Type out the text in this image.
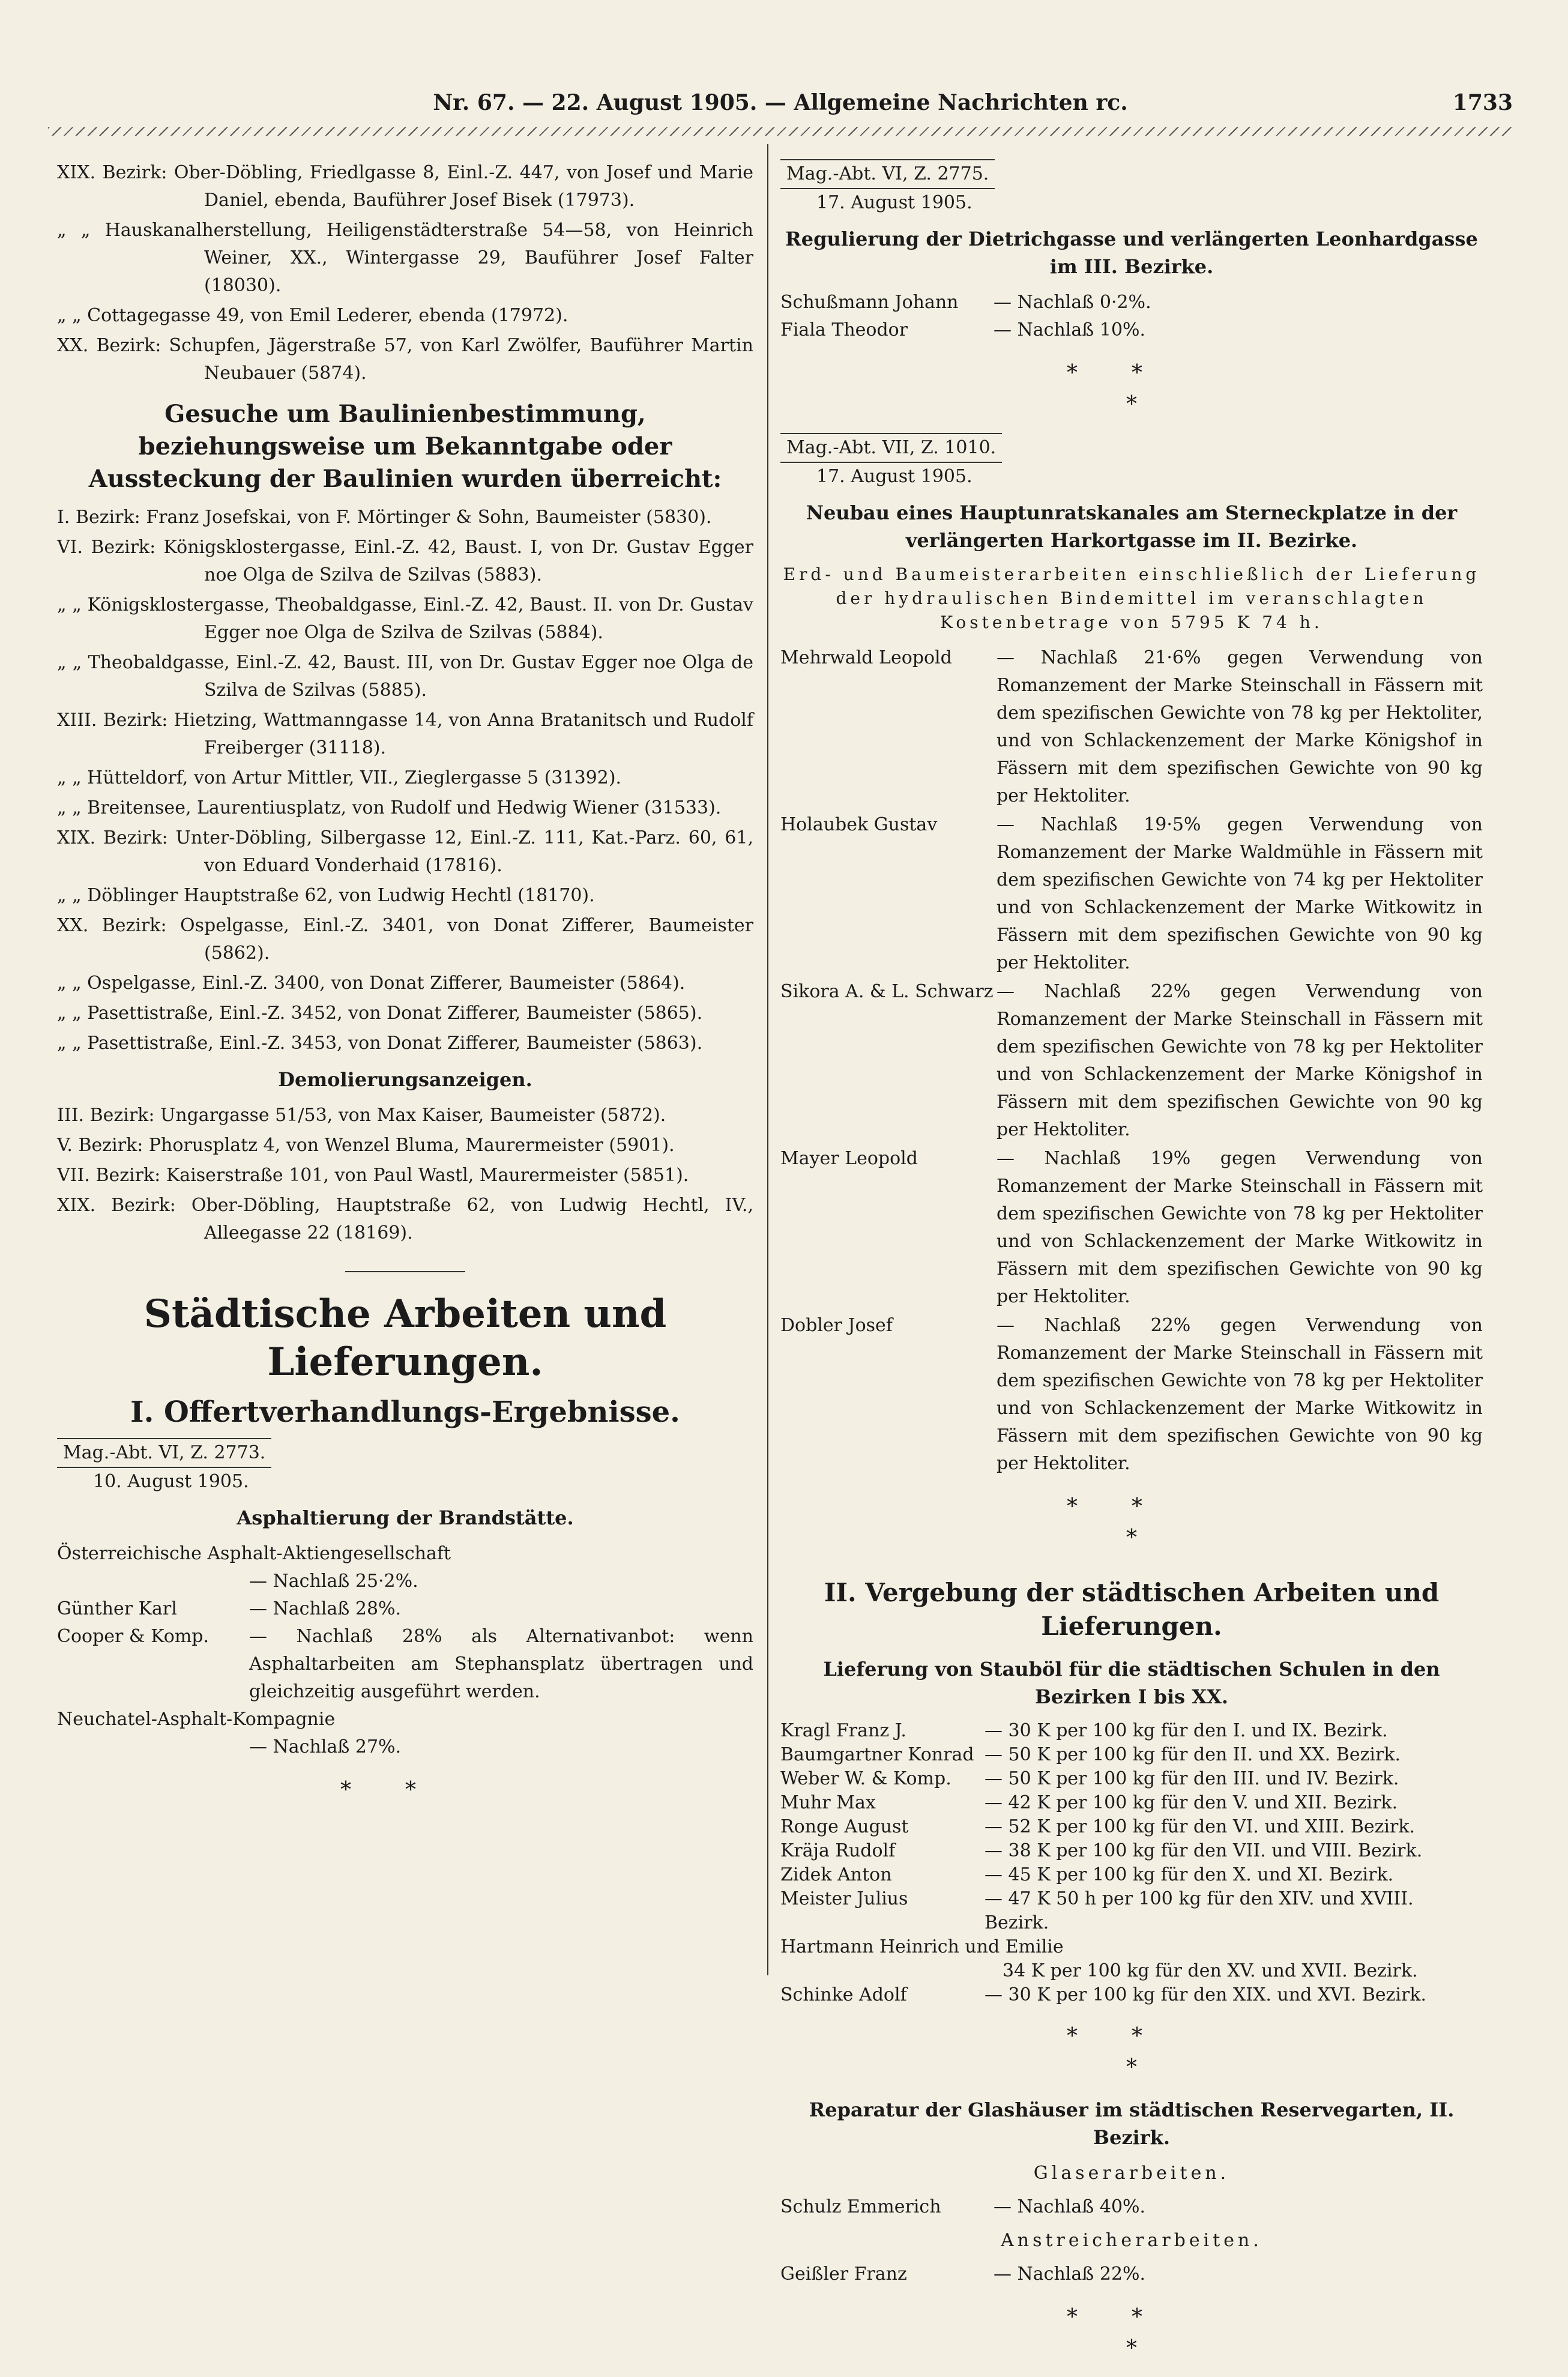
Nr. 67. — 22. August 1905. — Allgemeine Nachrichten rc.	1733

XIX. Bezirk: Ober-Döbling, Friedlgasse 8, Einl.-Z. 447, von Josef und Marie Daniel, ebenda, Bauführer Josef Bisek (17973).

„ „ Hauskanalherstellung, Heiligenstädterstraße 54—58, von Heinrich Weiner, XX., Wintergasse 29, Bauführer Josef Falter (18030).

„ „ Cottagegasse 49, von Emil Lederer, ebenda (17972).

XX. Bezirk: Schupfen, Jägerstraße 57, von Karl Zwölfer, Bauführer Martin Neubauer (5874).

Gesuche um Baulinienbestimmung, beziehungsweise um Bekanntgabe oder Aussteckung der Baulinien wurden überreicht:

I. Bezirk: Franz Josefskai, von F. Mörtinger & Sohn, Baumeister (5830).

VI. Bezirk: Königsklostergasse, Einl.-Z. 42, Baust. I, von Dr. Gustav Egger noe Olga de Szilva de Szilvas (5883).

„ „ Königsklostergasse, Theobaldgasse, Einl.-Z. 42, Baust. II. von Dr. Gustav Egger noe Olga de Szilva de Szilvas (5884).

„ „ Theobaldgasse, Einl.-Z. 42, Baust. III, von Dr. Gustav Egger noe Olga de Szilva de Szilvas (5885).

XIII. Bezirk: Hietzing, Wattmanngasse 14, von Anna Bratanitsch und Rudolf Freiberger (31118).

„ „ Hütteldorf, von Artur Mittler, VII., Zieglergasse 5 (31392).

„ „ Breitensee, Laurentiusplatz, von Rudolf und Hedwig Wiener (31533).

XIX. Bezirk: Unter-Döbling, Silbergasse 12, Einl.-Z. 111, Kat.-Parz. 60, 61, von Eduard Vonderhaid (17816).

„ „ Döblinger Hauptstraße 62, von Ludwig Hechtl (18170).

XX. Bezirk: Ospelgasse, Einl.-Z. 3401, von Donat Zifferer, Baumeister (5862).

„ „ Ospelgasse, Einl.-Z. 3400, von Donat Zifferer, Baumeister (5864).

„ „ Pasettistraße, Einl.-Z. 3452, von Donat Zifferer, Baumeister (5865).

„ „ Pasettistraße, Einl.-Z. 3453, von Donat Zifferer, Baumeister (5863).

Demolierungsanzeigen.

III. Bezirk: Ungargasse 51/53, von Max Kaiser, Baumeister (5872).

V. Bezirk: Phorusplatz 4, von Wenzel Bluma, Maurermeister (5901).

VII. Bezirk: Kaiserstraße 101, von Paul Wastl, Maurermeister (5851).

XIX. Bezirk: Ober-Döbling, Hauptstraße 62, von Ludwig Hechtl, IV., Alleegasse 22 (18169).

Städtische Arbeiten und Lieferungen.
I. Offertverhandlungs-Ergebnisse.
Mag.-Abt. VI, Z. 2773.
10. August 1905.
Asphaltierung der Brandstätte.
Österreichische Asphalt-Aktiengesellschaft
— Nachlaß 25·2%.
Günther Karl	— Nachlaß 28%.
Cooper & Komp.	— Nachlaß 28% als Alternativanbot: wenn Asphaltarbeiten am Stephansplatz übertragen und gleichzeitig ausgeführt werden.
Neuchatel-Asphalt-Kompagnie
— Nachlaß 27%.
**
Mag.-Abt. VI, Z. 2775.
17. August 1905.
Regulierung der Dietrichgasse und verlängerten Leonhardgasse im III. Bezirke.
Schußmann Johann	— Nachlaß 0·2%.
Fiala Theodor	— Nachlaß 10%.
**
*
Mag.-Abt. VII, Z. 1010.
17. August 1905.
Neubau eines Hauptunratskanales am Sterneckplatze in der verlängerten Harkortgasse im II. Bezirke.
Erd- und Baumeisterarbeiten einschließlich der Lieferung der hydraulischen Bindemittel im veranschlagten Kostenbetrage von 5795 K 74 h.
Mehrwald Leopold	— Nachlaß 21·6% gegen Verwendung von Romanzement der Marke Steinschall in Fässern mit dem spezifischen Gewichte von 78 kg per Hektoliter, und von Schlackenzement der Marke Königshof in Fässern mit dem spezifischen Gewichte von 90 kg per Hektoliter.
Holaubek Gustav	— Nachlaß 19·5% gegen Verwendung von Romanzement der Marke Waldmühle in Fässern mit dem spezifischen Gewichte von 74 kg per Hektoliter und von Schlackenzement der Marke Witkowitz in Fässern mit dem spezifischen Gewichte von 90 kg per Hektoliter.
Sikora A. & L. Schwarz — Nachlaß 22% gegen Verwendung von Romanzement der Marke Steinschall in Fässern mit dem spezifischen Gewichte von 78 kg per Hektoliter und von Schlackenzement der Marke Königshof in Fässern mit dem spezifischen Gewichte von 90 kg per Hektoliter.
Mayer Leopold	— Nachlaß 19% gegen Verwendung von Romanzement der Marke Steinschall in Fässern mit dem spezifischen Gewichte von 78 kg per Hektoliter und von Schlackenzement der Marke Witkowitz in Fässern mit dem spezifischen Gewichte von 90 kg per Hektoliter.
Dobler Josef	— Nachlaß 22% gegen Verwendung von Romanzement der Marke Steinschall in Fässern mit dem spezifischen Gewichte von 78 kg per Hektoliter und von Schlackenzement der Marke Witkowitz in Fässern mit dem spezifischen Gewichte von 90 kg per Hektoliter.
**
*
II. Vergebung der städtischen Arbeiten und Lieferungen.
Lieferung von Stauböl für die städtischen Schulen in den Bezirken I bis XX.
Kragl Franz J.	— 30 K per 100 kg für den I. und IX. Bezirk.
Baumgartner Konrad — 50 K per 100 kg für den II. und XX. Bezirk.
Weber W. & Komp.	— 50 K per 100 kg für den III. und IV. Bezirk.
Muhr Max	— 42 K per 100 kg für den V. und XII. Bezirk.
Ronge August	— 52 K per 100 kg für den VI. und XIII. Bezirk.
Kräja Rudolf	— 38 K per 100 kg für den VII. und VIII. Bezirk.
Zidek Anton	— 45 K per 100 kg für den X. und XI. Bezirk.
Meister Julius	— 47 K 50 h per 100 kg für den XIV. und XVIII. Bezirk.
Hartmann Heinrich und Emilie
34 K per 100 kg für den XV. und XVII. Bezirk.
Schinke Adolf	— 30 K per 100 kg für den XIX. und XVI. Bezirk.
**
*
Reparatur der Glashäuser im städtischen Reservegarten, II. Bezirk.
Glaserarbeiten.
Schulz Emmerich	— Nachlaß 40%.
Anstreicherarbeiten.
Geißler Franz	— Nachlaß 22%.
**
*
